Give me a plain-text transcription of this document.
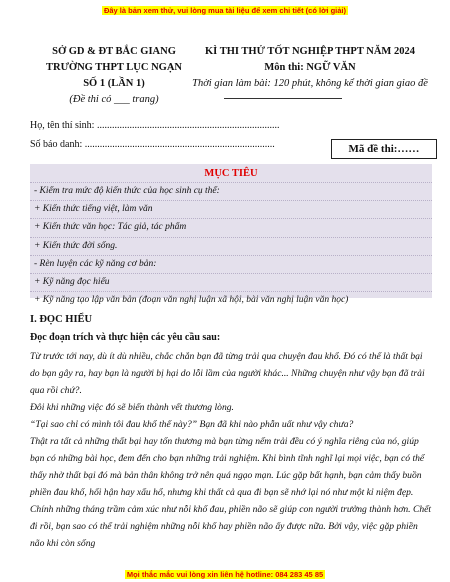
Đây là bản xem thử, vui lòng mua tài liệu để xem chi tiết (có lời giải)
SỞ GD & ĐT BẮC GIANG
TRƯỜNG THPT LỤC NGẠN
SỐ 1 (LẦN 1)
(Đề thi có ___ trang)
KÌ THI THỬ TỐT NGHIỆP THPT NĂM 2024
Môn thi: NGỮ VĂN
Thời gian làm bài: 120 phút, không kể thời gian giao đề
Họ, tên thí sinh: .........................................................................
Số báo danh: ............................................................................	Mã đề thi:……
MỤC TIÊU
- Kiểm tra mức độ kiến thức của học sinh cụ thể:
+ Kiến thức tiếng việt, làm văn
+ Kiến thức văn học: Tác giả, tác phẩm
+ Kiến thức đời sống.
- Rèn luyện các kỹ năng cơ bản:
+ Kỹ năng đọc hiểu
+ Kỹ năng tạo lập văn bản (đoạn văn nghị luận xã hội, bài văn nghị luận văn học)
I. ĐỌC HIỂU
Đọc đoạn trích và thực hiện các yêu cầu sau:

Từ trước tới nay, dù ít dù nhiều, chắc chắn bạn đã từng trải qua chuyện đau khổ. Đó có thể là thất bại do bạn gây ra, hay bạn là người bị hại do lỗi lầm của người khác... Những chuyện như vậy bạn đã trải qua rồi chứ?.

Đôi khi những việc đó sẽ biến thành vết thương lòng.

“Tại sao chỉ có mình tôi đau khổ thế này?” Bạn đã khi nào phẫn uất như vậy chưa?

Thật ra tất cả những thất bại hay tổn thương mà bạn từng nếm trải đều có ý nghĩa riêng của nó, giúp bạn có những bài học, đem đến cho bạn những trải nghiệm. Khi bình tĩnh nghĩ lại mọi việc, bạn có thể thấy nhờ thất bại đó mà bản thân không trở nên quá ngạo mạn. Lúc gặp bất hạnh, bạn cảm thấy buồn phiền đau khổ, hối hận hay xấu hổ, nhưng khi thất cả qua đi bạn sẽ nhớ lại nó như một kỉ niệm đẹp.

Chính những tháng trầm cảm xúc như nỗi khổ đau, phiền não sẽ giúp con người trưởng thành hơn. Chết đi rồi, bạn sao có thể trải nghiệm những nỗi khổ hay phiền não ấy được nữa. Bởi vậy, việc gặp phiền não khi còn sống

Mọi thắc mắc vui lòng xin liên hệ hotline: 084 283 45 85
